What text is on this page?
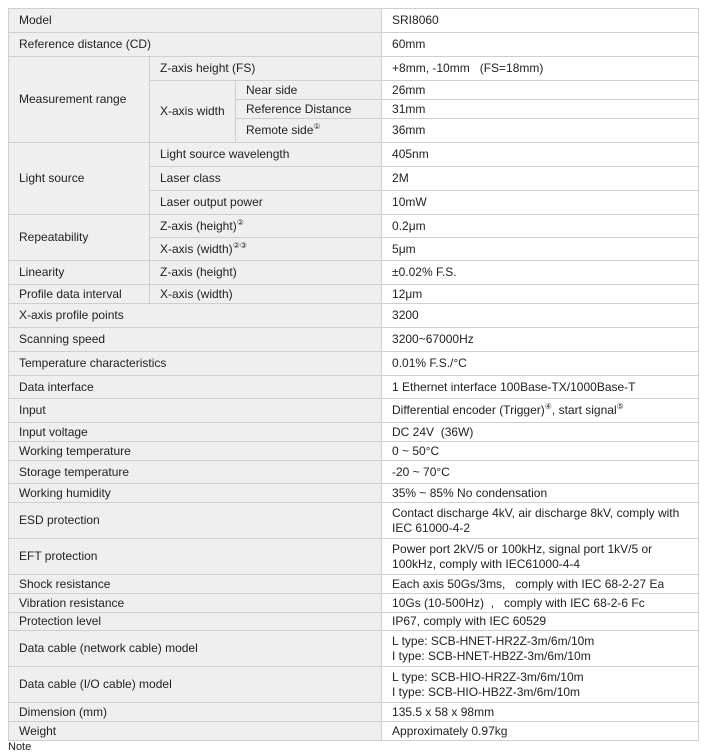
Model			SRI8060
Reference distance (CD)			60mm
Measurement range	Z-axis height (FS)		+8mm, -10mm   (FS=18mm)
	X-axis width	Near side	26mm
		Reference Distance	31mm
		Remote side①	36mm
Light source	Light source wavelength		405nm
	Laser class		2M
	Laser output power		10mW
Repeatability	Z-axis (height)②		0.2μm
	X-axis (width)②③		5μm
Linearity	Z-axis (height)		±0.02% F.S.
Profile data interval	X-axis (width)		12μm
X-axis profile points			3200
Scanning speed			3200~67000Hz
Temperature characteristics			0.01% F.S./°C
Data interface			1 Ethernet interface 100Base-TX/1000Base-T
Input			Differential encoder (Trigger)④, start signal⑤
Input voltage			DC 24V  (36W)
Working temperature			0 ~ 50°C
Storage temperature			-20 ~ 70°C
Working humidity			35% ~ 85% No condensation
ESD protection			Contact discharge 4kV, air discharge 8kV, comply with IEC 61000-4-2
EFT protection			Power port 2kV/5 or 100kHz, signal port 1kV/5 or 100kHz, comply with IEC61000-4-4
Shock resistance			Each axis 50Gs/3ms,   comply with IEC 68-2-27 Ea
Vibration resistance			10Gs (10-500Hz)  ,   comply with IEC 68-2-6 Fc
Protection level			IP67, comply with IEC 60529
Data cable (network cable) model			L type: SCB-HNET-HR2Z-3m/6m/10m
I type: SCB-HNET-HB2Z-3m/6m/10m

Data cable (I/O cable) model			L type: SCB-HIO-HR2Z-3m/6m/10m
I type: SCB-HIO-HB2Z-3m/6m/10m

Dimension (mm)			135.5 x 58 x 98mm
Weight			Approximately 0.97kg
Note
